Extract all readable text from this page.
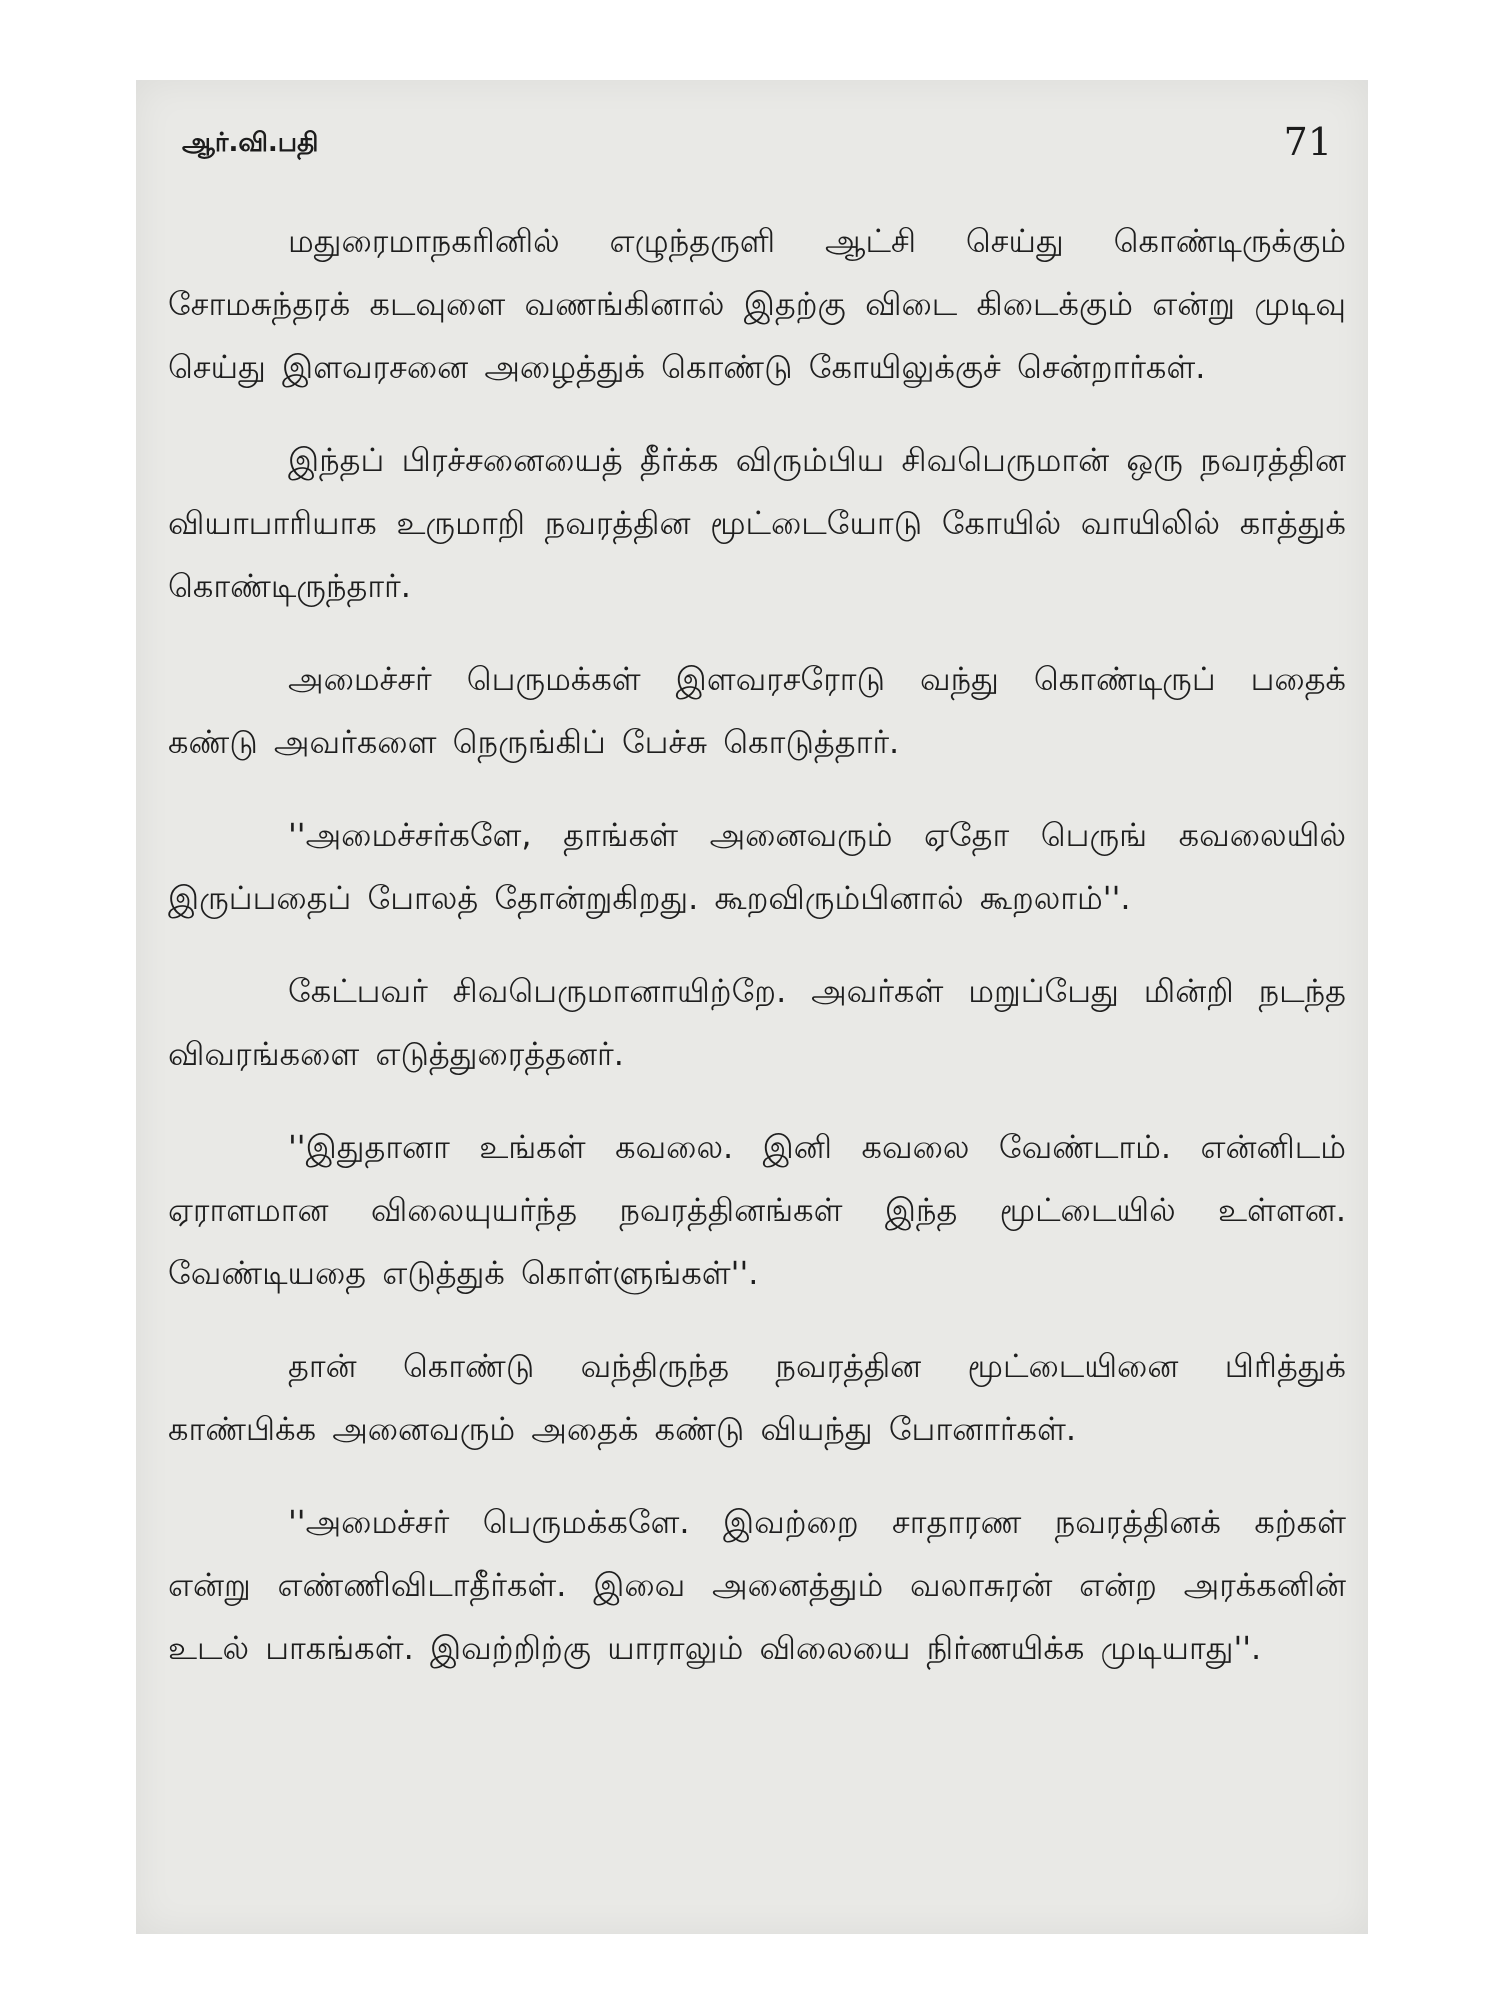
ஆர்.வி.பதி	71

மதுரைமாநகரினில் எழுந்தருளி ஆட்சி செய்து கொண்டிருக்கும் சோமசுந்தரக் கடவுளை வணங்கினால் இதற்கு விடை கிடைக்கும் என்று முடிவு செய்து இளவரசனை அழைத்துக் கொண்டு கோயிலுக்குச் சென்றார்கள்.

இந்தப் பிரச்சனையைத் தீர்க்க விரும்பிய சிவபெருமான் ஒரு நவரத்தின வியாபாரியாக உருமாறி நவரத்தின மூட்டையோடு கோயில் வாயிலில் காத்துக் கொண்டிருந்தார்.

அமைச்சர் பெருமக்கள் இளவரசரோடு வந்து கொண்டிருப் பதைக் கண்டு அவர்களை நெருங்கிப் பேச்சு கொடுத்தார்.

''அமைச்சர்களே, தாங்கள் அனைவரும் ஏதோ பெருங் கவலையில் இருப்பதைப் போலத் தோன்றுகிறது. கூறவிரும்பினால் கூறலாம்''.

கேட்பவர் சிவபெருமானாயிற்றே. அவர்கள் மறுப்பேது மின்றி நடந்த விவரங்களை எடுத்துரைத்தனர்.

''இதுதானா உங்கள் கவலை. இனி கவலை வேண்டாம். என்னிடம் ஏராளமான விலையுயர்ந்த நவரத்தினங்கள் இந்த மூட்டையில் உள்ளன. வேண்டியதை எடுத்துக் கொள்ளுங்கள்''.

தான் கொண்டு வந்திருந்த நவரத்தின மூட்டையினை பிரித்துக் காண்பிக்க அனைவரும் அதைக் கண்டு வியந்து போனார்கள்.

''அமைச்சர் பெருமக்களே. இவற்றை சாதாரண நவரத்தினக் கற்கள் என்று எண்ணிவிடாதீர்கள். இவை அனைத்தும் வலாசுரன் என்ற அரக்கனின் உடல் பாகங்கள். இவற்றிற்கு யாராலும் விலையை நிர்ணயிக்க முடியாது''.
